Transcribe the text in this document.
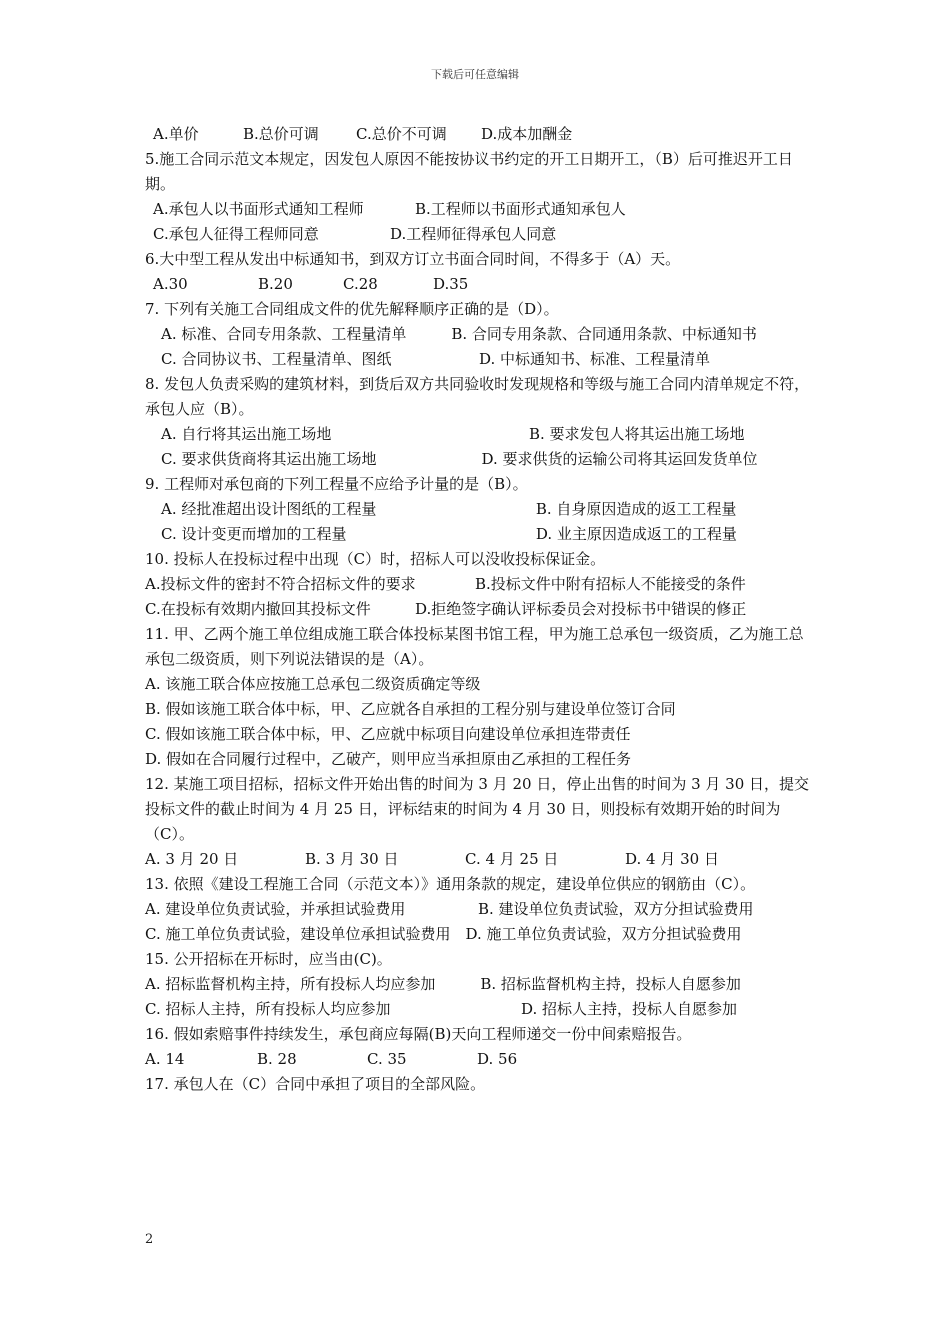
下载后可任意编辑
A.单价	B.总价可调	C.总价不可调	D.成本加酬金
5.施工合同示范文本规定，因发包人原因不能按协议书约定的开工日期开工，（B）后可推迟开工日期。
A.承包人以书面形式通知工程师	B.工程师以书面形式通知承包人
C.承包人征得工程师同意	D.工程师征得承包人同意
6.大中型工程从发出中标通知书，到双方订立书面合同时间，不得多于（A）天。
A.30	B.20	C.28	D.35
7. 下列有关施工合同组成文件的优先解释顺序正确的是（D）。
A. 标准、合同专用条款、工程量清单　　　B. 合同专用条款、合同通用条款、中标通知书
C. 合同协议书、工程量清单、图纸	D. 中标通知书、标准、工程量清单
8. 发包人负责采购的建筑材料，到货后双方共同验收时发现规格和等级与施工合同内清单规定不符，承包人应（B）。
A. 自行将其运出施工场地	B. 要求发包人将其运出施工场地
C. 要求供货商将其运出施工场地　　　　　　　D. 要求供货的运输公司将其运回发货单位
9. 工程师对承包商的下列工程量不应给予计量的是（B）。
A. 经批准超出设计图纸的工程量	B. 自身原因造成的返工工程量
C. 设计变更而增加的工程量	D. 业主原因造成返工的工程量
10. 投标人在投标过程中出现（C）时，招标人可以没收投标保证金。
A.投标文件的密封不符合招标文件的要求	B.投标文件中附有招标人不能接受的条件
C.在投标有效期内撤回其投标文件	D.拒绝签字确认评标委员会对投标书中错误的修正
11. 甲、乙两个施工单位组成施工联合体投标某图书馆工程，甲为施工总承包一级资质，乙为施工总承包二级资质，则下列说法错误的是（A）。
A. 该施工联合体应按施工总承包二级资质确定等级
B. 假如该施工联合体中标，甲、乙应就各自承担的工程分别与建设单位签订合同
C. 假如该施工联合体中标，甲、乙应就中标项目向建设单位承担连带责任
D. 假如在合同履行过程中，乙破产，则甲应当承担原由乙承担的工程任务
12. 某施工项目招标，招标文件开始出售的时间为 3 月 20 日，停止出售的时间为 3 月 30 日，提交投标文件的截止时间为 4 月 25 日，评标结束的时间为 4 月 30 日，则投标有效期开始的时间为（C）。
A. 3 月 20 日	B. 3 月 30 日	C. 4 月 25 日	D. 4 月 30 日
13. 依照《建设工程施工合同（示范文本）》通用条款的规定，建设单位供应的钢筋由（C）。
A. 建设单位负责试验，并承担试验费用	B. 建设单位负责试验，双方分担试验费用
C. 施工单位负责试验，建设单位承担试验费用　D. 施工单位负责试验，双方分担试验费用
15. 公开招标在开标时，应当由(C)。
A. 招标监督机构主持，所有投标人均应参加　　　B. 招标监督机构主持，投标人自愿参加
C. 招标人主持，所有投标人均应参加	D. 招标人主持，投标人自愿参加
16. 假如索赔事件持续发生，承包商应每隔(B)天向工程师递交一份中间索赔报告。
A. 14	B. 28	C. 35	D. 56
17. 承包人在（C）合同中承担了项目的全部风险。
2
